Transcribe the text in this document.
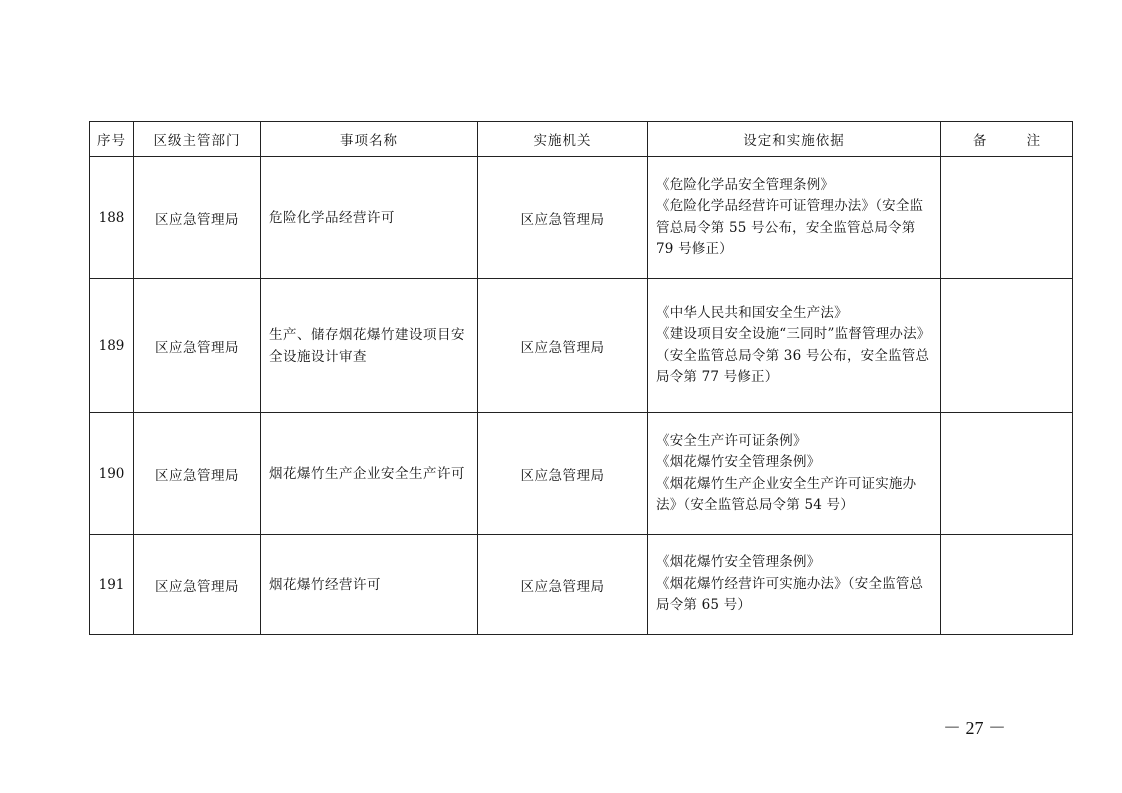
序号	区级主管部门	事项名称	实施机关	设定和实施依据	备 注
188	区应急管理局	危险化学品经营许可	区应急管理局	《危险化学品安全管理条例》
《危险化学品经营许可证管理办法》（安全监管总局令第 55 号公布，安全监管总局令第 79 号修正）	

189	区应急管理局	生产、储存烟花爆竹建设项目安全设施设计审查	区应急管理局	《中华人民共和国安全生产法》
《建设项目安全设施“三同时”监督管理办法》（安全监管总局令第 36 号公布，安全监管总局令第 77 号修正）	

190	区应急管理局	烟花爆竹生产企业安全生产许可	区应急管理局	《安全生产许可证条例》
《烟花爆竹安全管理条例》
《烟花爆竹生产企业安全生产许可证实施办法》（安全监管总局令第 54 号）	

191	区应急管理局	烟花爆竹经营许可	区应急管理局	《烟花爆竹安全管理条例》
《烟花爆竹经营许可实施办法》（安全监管总局令第 65 号）	

－ 27 －
